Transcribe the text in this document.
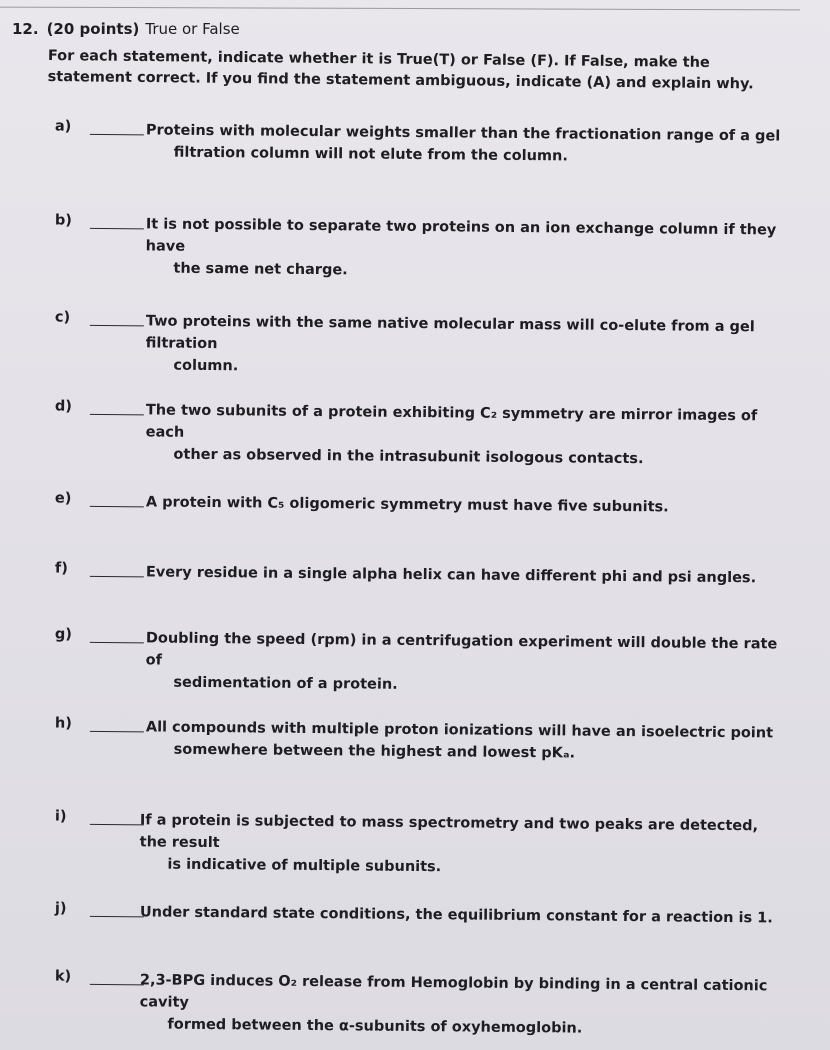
12. (20 points) True or False
For each statement, indicate whether it is True(T) or False (F). If False, make the statement correct. If you find the statement ambiguous, indicate (A) and explain why.
a)	Proteins with molecular weights smaller than the fractionation range of a gel
filtration column will not elute from the column.
b)	It is not possible to separate two proteins on an ion exchange column if they have
the same net charge.
c)	Two proteins with the same native molecular mass will co-elute from a gel filtration
column.
d)	The two subunits of a protein exhibiting C₂ symmetry are mirror images of each
other as observed in the intrasubunit isologous contacts.
e)	A protein with C₅ oligomeric symmetry must have five subunits.
f)	Every residue in a single alpha helix can have different phi and psi angles.
g)	Doubling the speed (rpm) in a centrifugation experiment will double the rate of
sedimentation of a protein.
h)	All compounds with multiple proton ionizations will have an isoelectric point
somewhere between the highest and lowest pKₐ.
i)	If a protein is subjected to mass spectrometry and two peaks are detected, the result
is indicative of multiple subunits.
j)	Under standard state conditions, the equilibrium constant for a reaction is 1.
k)	2,3-BPG induces O₂ release from Hemoglobin by binding in a central cationic cavity
formed between the α-subunits of oxyhemoglobin.
